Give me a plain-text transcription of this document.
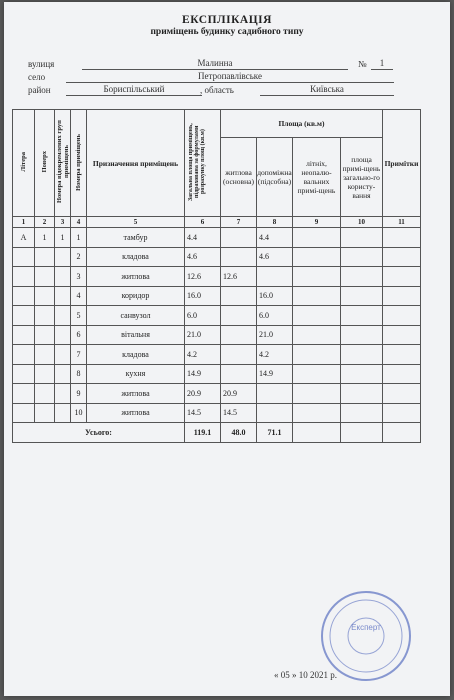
ЕКСПЛІКАЦІЯ
приміщень будинку садибного типу
вулиця	Малинна	№	1
село	Петропавлівське
район	Бориспільський	, область	Київська
Літера	Поверх	Номера відокремлених груп приміщень	Номера приміщень	Призначення приміщень	Загальна площа приміщень, підрахована за формулами розрахунку площ (кв.м)	Площа (кв.м)				Примітки
						житлова (основна)	допоміжна (підсобна)	літніх, неопалю-вальних примі-щень	площа примі-щень загально-го користу-вання	
1	2	3	4	5	6	7	8	9	10	11
А	1	1	1	тамбур	4.4		4.4			
			2	кладова	4.6		4.6			
			3	житлова	12.6	12.6				
			4	коридор	16.0		16.0			
			5	санвузол	6.0		6.0			
			6	вітальня	21.0		21.0			
			7	кладова	4.2		4.2			
			8	кухня	14.9		14.9			
			9	житлова	20.9	20.9				
			10	житлова	14.5	14.5				
Усього:					119.1	48.0	71.1			
Експерт
« 05 » 10 2021 р.
